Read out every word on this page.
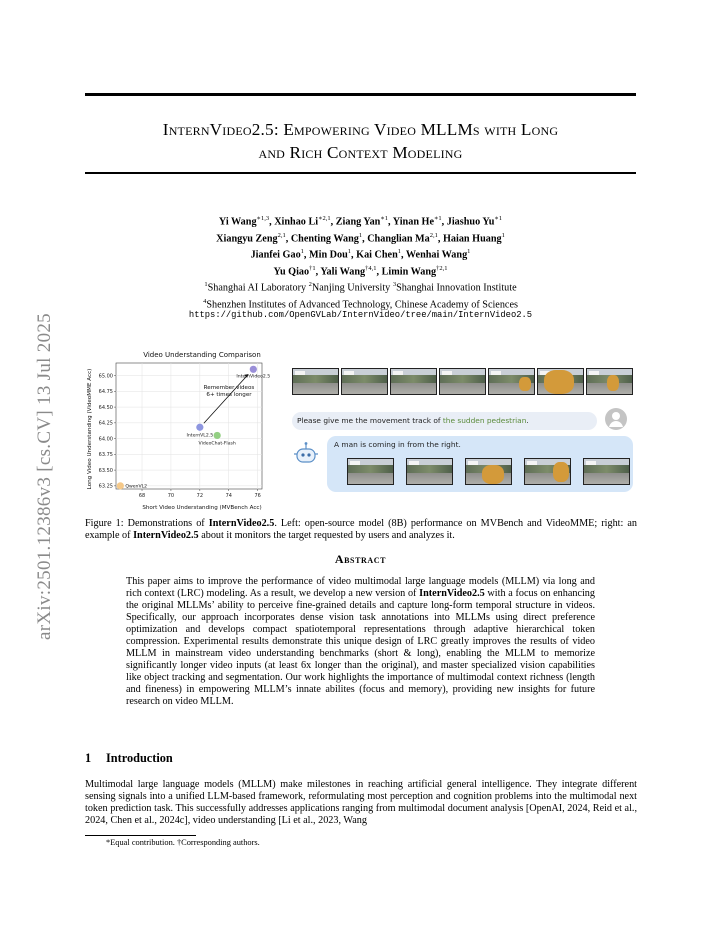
arXiv:2501.12386v3 [cs.CV] 13 Jul 2025

InternVideo2.5: Empowering Video MLLMs with Long
and Rich Context Modeling

Yi Wang$^{∗1,3}$, Xinhao $Li^{∗2,1}$, Ziang Yan$^{∗1}$, Yinan $He^{∗1}$, Jiashuo $Yu^{∗1}$
Xiangyu Zeng$^{2,1}$, Chenting Wang$^1$, Changlian Ma$^{2,1}$, Haian Huang$^1$
Jianfei Gao$^1$, Min Dou$^1$, Kai Chen$^1$, Wenhai Wang$^1$
Yu Qiao$^{\dagger 1}$, Yali Wang$^{\dagger 4,1}$, Limin Wang$^{\dagger 2,1}$
$^1$Shanghai AI Laboratory $^2$Nanjing University $^3$Shanghai Innovation Institute
$^4$Shenzhen Institutes of Advanced Technology, Chinese Academy of Sciences
https://github.com/OpenGVLab/InternVideo/tree/main/InternVideo2.5
Video Understanding Comparison
68	70	72	74	76
63.25
63.50
63.75
64.00
64.25
64.50
64.75
65.00
Remember videos
6+ times longer
QwenVL2
InternVL2.5
VideoChat-Flash
InternVideo2.5
Short Video Understanding (MVBench Acc)
Long Video Understanding (VideoMME Acc)	Please give me the movement track of the sudden pedestrian.
A man is coming in from the right.
Figure 1: Demonstrations of InternVideo2.5. Left: open-source model (8B) performance on MVBench and VideoMME; right: an example of InternVideo2.5 about it monitors the target requested by users and analyzes it.
Abstract
This paper aims to improve the performance of video multimodal large language models (MLLM) via long and rich context (LRC) modeling. As a result, we develop a new version of InternVideo2.5 with a focus on enhancing the original MLLMs’ ability to perceive fine-grained details and capture long-form temporal structure in videos. Specifically, our approach incorporates dense vision task annotations into MLLMs using direct preference optimization and develops compact spatiotemporal representations through adaptive hierarchical token compression. Experimental results demonstrate this unique design of LRC greatly improves the results of video MLLM in mainstream video understanding benchmarks (short & long), enabling the MLLM to memorize significantly longer video inputs (at least 6x longer than the original), and master specialized vision capabilities like object tracking and segmentation. Our work highlights the importance of multimodal context richness (length and fineness) in empowering MLLM’s innate abilites (focus and memory), providing new insights for future research on video MLLM.
1 Introduction
Multimodal large language models (MLLM) make milestones in reaching artificial general intelligence. They integrate different sensing signals into a unified LLM-based framework, reformulating most perception and cognition problems into the multimodal next token prediction task. This successfully addresses applications ranging from multimodal document analysis [OpenAI, 2024, Reid et al., 2024, Chen et al., 2024c], video understanding [Li et al., 2023, Wang
*Equal contribution. †Corresponding authors.
